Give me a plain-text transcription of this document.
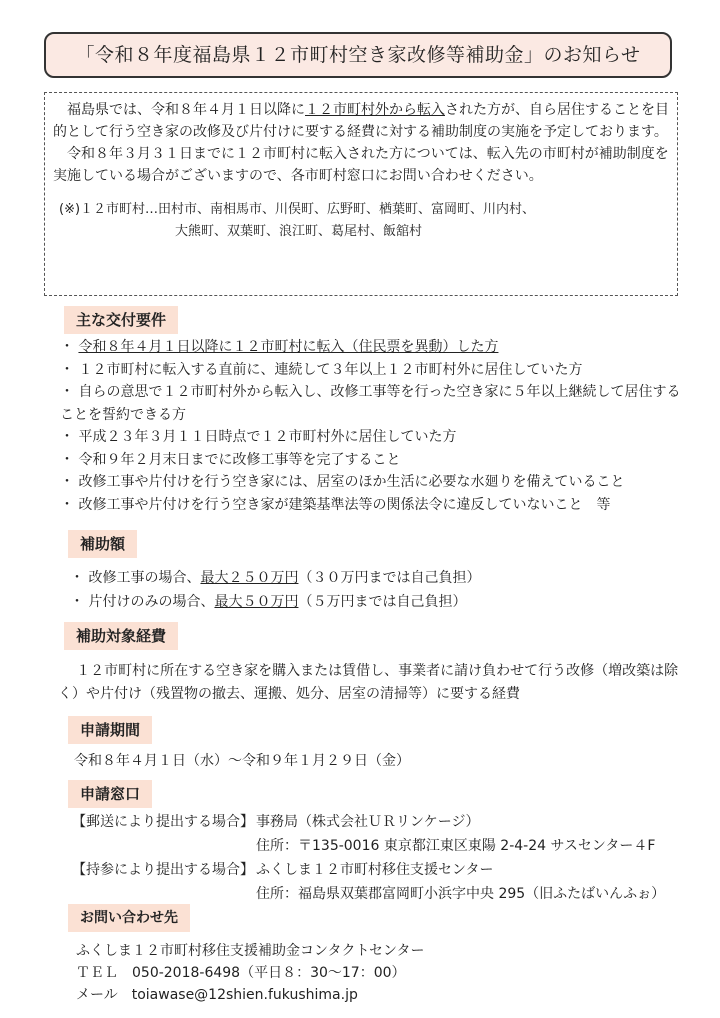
「令和８年度福島県１２市町村空き家改修等補助金」のお知らせ

福島県では、令和８年４月１日以降に１２市町村外から転入された方が、自ら居住することを目的として行う空き家の改修及び片付けに要する経費に対する補助制度の実施を予定しております。

令和８年３月３１日までに１２市町村に転入された方については、転入先の市町村が補助制度を実施している場合がございますので、各市町村窓口にお問い合わせください。

(※)１２市町村…田村市、南相馬市、川俣町、広野町、楢葉町、富岡町、川内村、

大熊町、双葉町、浪江町、葛尾村、飯舘村

主な交付要件
・ 令和８年４月１日以降に１２市町村に転入（住民票を異動）した方
・ １２市町村に転入する直前に、連続して３年以上１２市町村外に居住していた方
・ 自らの意思で１２市町村外から転入し、改修工事等を行った空き家に５年以上継続して居住することを誓約できる方
・ 平成２３年３月１１日時点で１２市町村外に居住していた方
・ 令和９年２月末日までに改修工事等を完了すること
・ 改修工事や片付けを行う空き家には、居室のほか生活に必要な水廻りを備えていること
・ 改修工事や片付けを行う空き家が建築基準法等の関係法令に違反していないこと　等
補助額
・ 改修工事の場合、最大２５０万円（３０万円までは自己負担）
・ 片付けのみの場合、最大５０万円（５万円までは自己負担）
補助対象経費
１２市町村に所在する空き家を購入または賃借し、事業者に請け負わせて行う改修（増改築は除く）や片付け（残置物の撤去、運搬、処分、居室の清掃等）に要する経費
申請期間
令和８年４月１日（水）～令和９年１月２９日（金）
申請窓口
【郵送により提出する場合】 事務局（株式会社ＵＲリンケージ）
住所：〒135-0016 東京都江東区東陽 2-4-24 サスセンター４F
【持参により提出する場合】 ふくしま１２市町村移住支援センター
住所：福島県双葉郡富岡町小浜字中央 295（旧ふたばいんふぉ）
お問い合わせ先
ふくしま１２市町村移住支援補助金コンタクトセンター
ＴＥＬ　050‐2018‐6498（平日８：30～17：00）
メール　toiawase@12shien.fukushima.jp
